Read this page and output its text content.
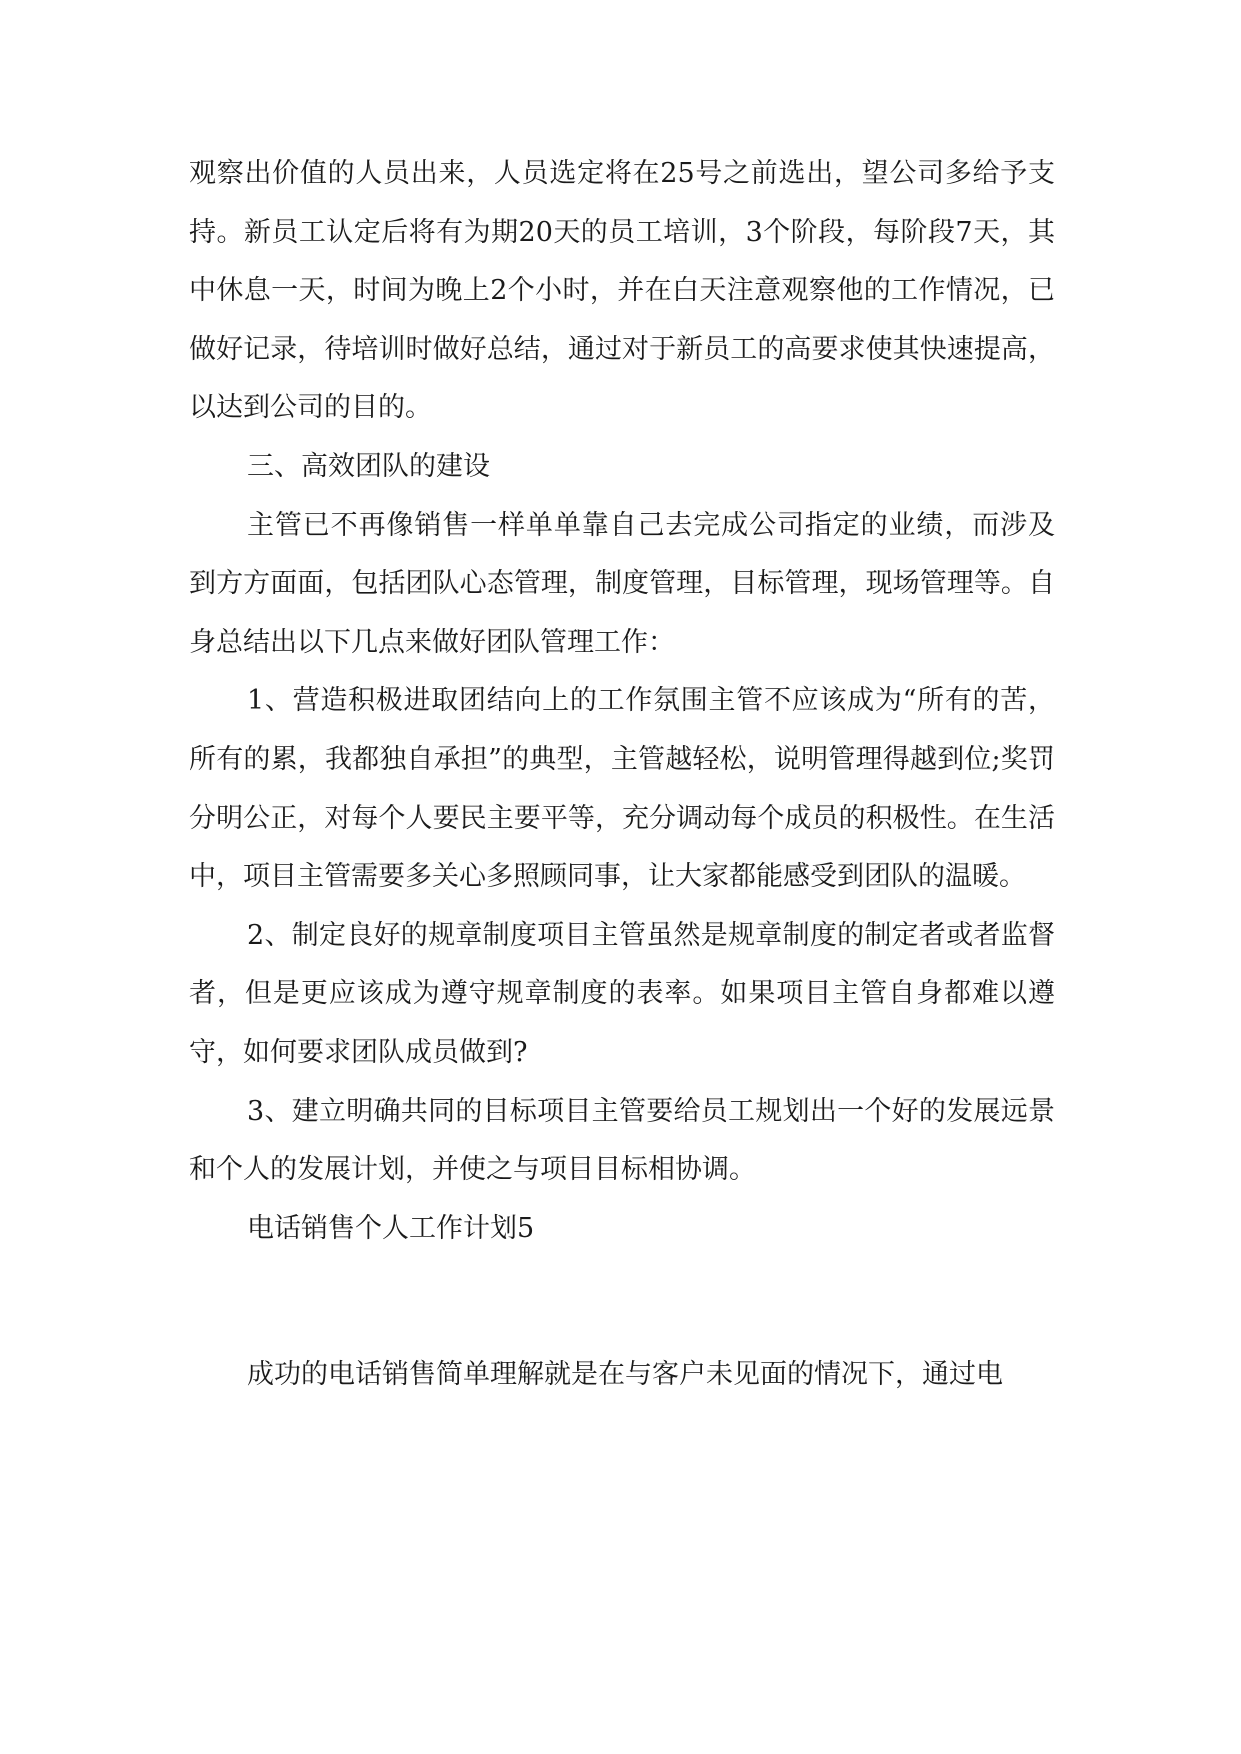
观察出价值的人员出来，人员选定将在25号之前选出，望公司多给予支持。新员工认定后将有为期20天的员工培训，3个阶段，每阶段7天，其中休息一天，时间为晚上2个小时，并在白天注意观察他的工作情况，已做好记录，待培训时做好总结，通过对于新员工的高要求使其快速提高，以达到公司的目的。

三、高效团队的建设

主管已不再像销售一样单单靠自己去完成公司指定的业绩，而涉及到方方面面，包括团队心态管理，制度管理，目标管理，现场管理等。自身总结出以下几点来做好团队管理工作：

1、营造积极进取团结向上的工作氛围主管不应该成为“所有的苦，所有的累，我都独自承担”的典型，主管越轻松，说明管理得越到位;奖罚分明公正，对每个人要民主要平等，充分调动每个成员的积极性。在生活中，项目主管需要多关心多照顾同事，让大家都能感受到团队的温暖。

2、制定良好的规章制度项目主管虽然是规章制度的制定者或者监督者，但是更应该成为遵守规章制度的表率。如果项目主管自身都难以遵守，如何要求团队成员做到?

3、建立明确共同的目标项目主管要给员工规划出一个好的发展远景和个人的发展计划，并使之与项目目标相协调。

电话销售个人工作计划5

成功的电话销售简单理解就是在与客户未见面的情况下，通过电
